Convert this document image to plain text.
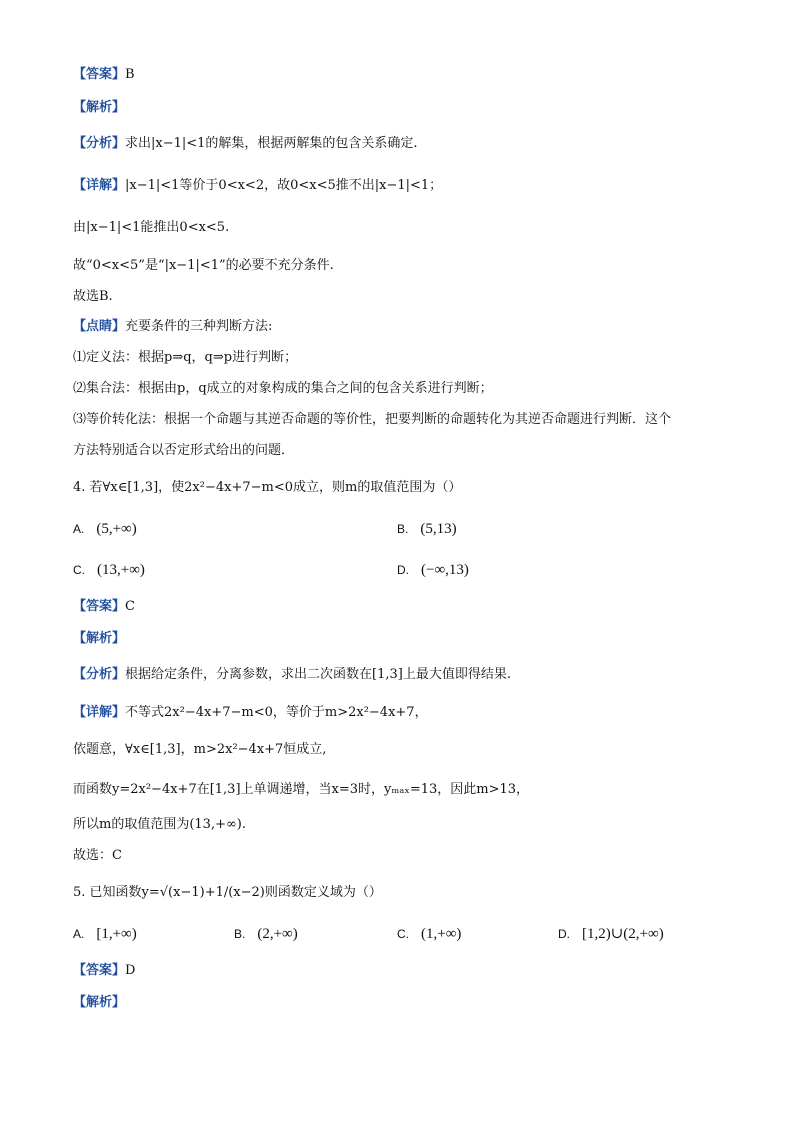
【答案】B
【解析】
【分析】求出|x−1|<1的解集，根据两解集的包含关系确定.
【详解】|x−1|<1等价于0<x<2，故0<x<5推不出|x−1|<1；
由|x−1|<1能推出0<x<5.
故“0<x<5”是“|x−1|<1”的必要不充分条件.
故选B.
【点睛】充要条件的三种判断方法:
⑴定义法：根据p⇒q，q⇒p进行判断；
⑵集合法：根据由p，q成立的对象构成的集合之间的包含关系进行判断；
⑶等价转化法：根据一个命题与其逆否命题的等价性，把要判断的命题转化为其逆否命题进行判断．这个
方法特别适合以否定形式给出的问题．
4. 若∀x∈[1,3]，使2x²−4x+7−m<0成立，则m的取值范围为（）
A. (5,+∞)	B. (5,13)
C. (13,+∞)	D. (−∞,13)
【答案】C
【解析】
【分析】根据给定条件，分离参数，求出二次函数在[1,3]上最大值即得结果.
【详解】不等式2x²−4x+7−m<0，等价于m>2x²−4x+7，
依题意，∀x∈[1,3]，m>2x²−4x+7恒成立,
而函数y=2x²−4x+7在[1,3]上单调递增，当x=3时，yₘₐₓ=13，因此m>13，
所以m的取值范围为(13,+∞).
故选：C
5. 已知函数y=√(x−1)+1/(x−2)则函数定义域为（）
A. [1,+∞)	B. (2,+∞)	C. (1,+∞)	D. [1,2)∪(2,+∞)
【答案】D
【解析】
